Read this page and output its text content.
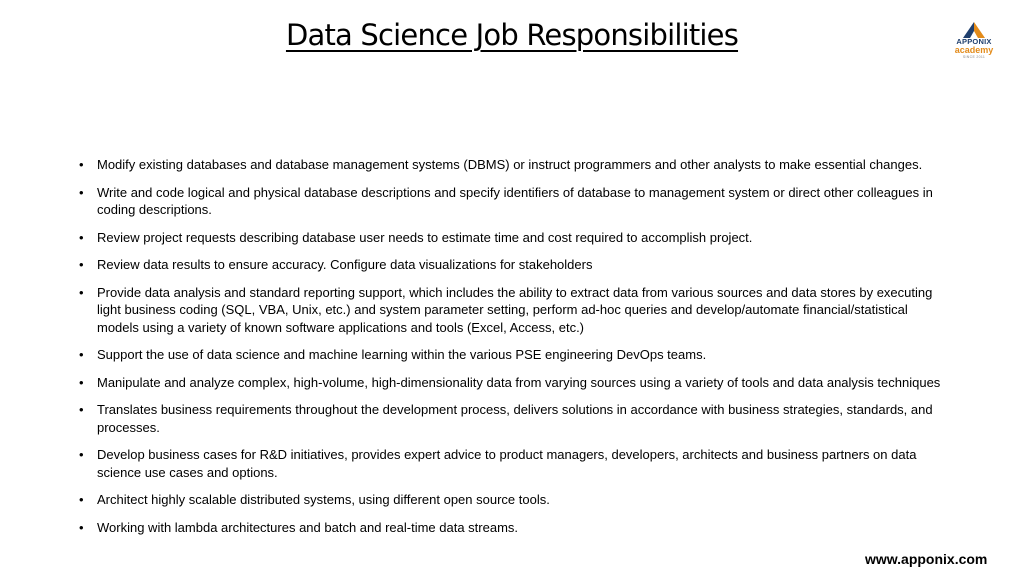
Data Science Job Responsibilities	APPONIX
academy
SINCE 2011
• Modify existing databases and database management systems (DBMS) or instruct programmers and other analysts to make essential changes.
• Write and code logical and physical database descriptions and specify identifiers of database to management system or direct other colleagues in coding descriptions.
• Review project requests describing database user needs to estimate time and cost required to accomplish project.
• Review data results to ensure accuracy. Configure data visualizations for stakeholders
• Provide data analysis and standard reporting support, which includes the ability to extract data from various sources and data stores by executing light business coding (SQL, VBA, Unix, etc.) and system parameter setting, perform ad-hoc queries and develop/automate financial/statistical models using a variety of known software applications and tools (Excel, Access, etc.)
• Support the use of data science and machine learning within the various PSE engineering DevOps teams.
• Manipulate and analyze complex, high-volume, high-dimensionality data from varying sources using a variety of tools and data analysis techniques
• Translates business requirements throughout the development process, delivers solutions in accordance with business strategies, standards, and processes.
• Develop business cases for R&D initiatives, provides expert advice to product managers, developers, architects and business partners on data science use cases and options.
• Architect highly scalable distributed systems, using different open source tools.
• Working with lambda architectures and batch and real-time data streams.
www.apponix.com
